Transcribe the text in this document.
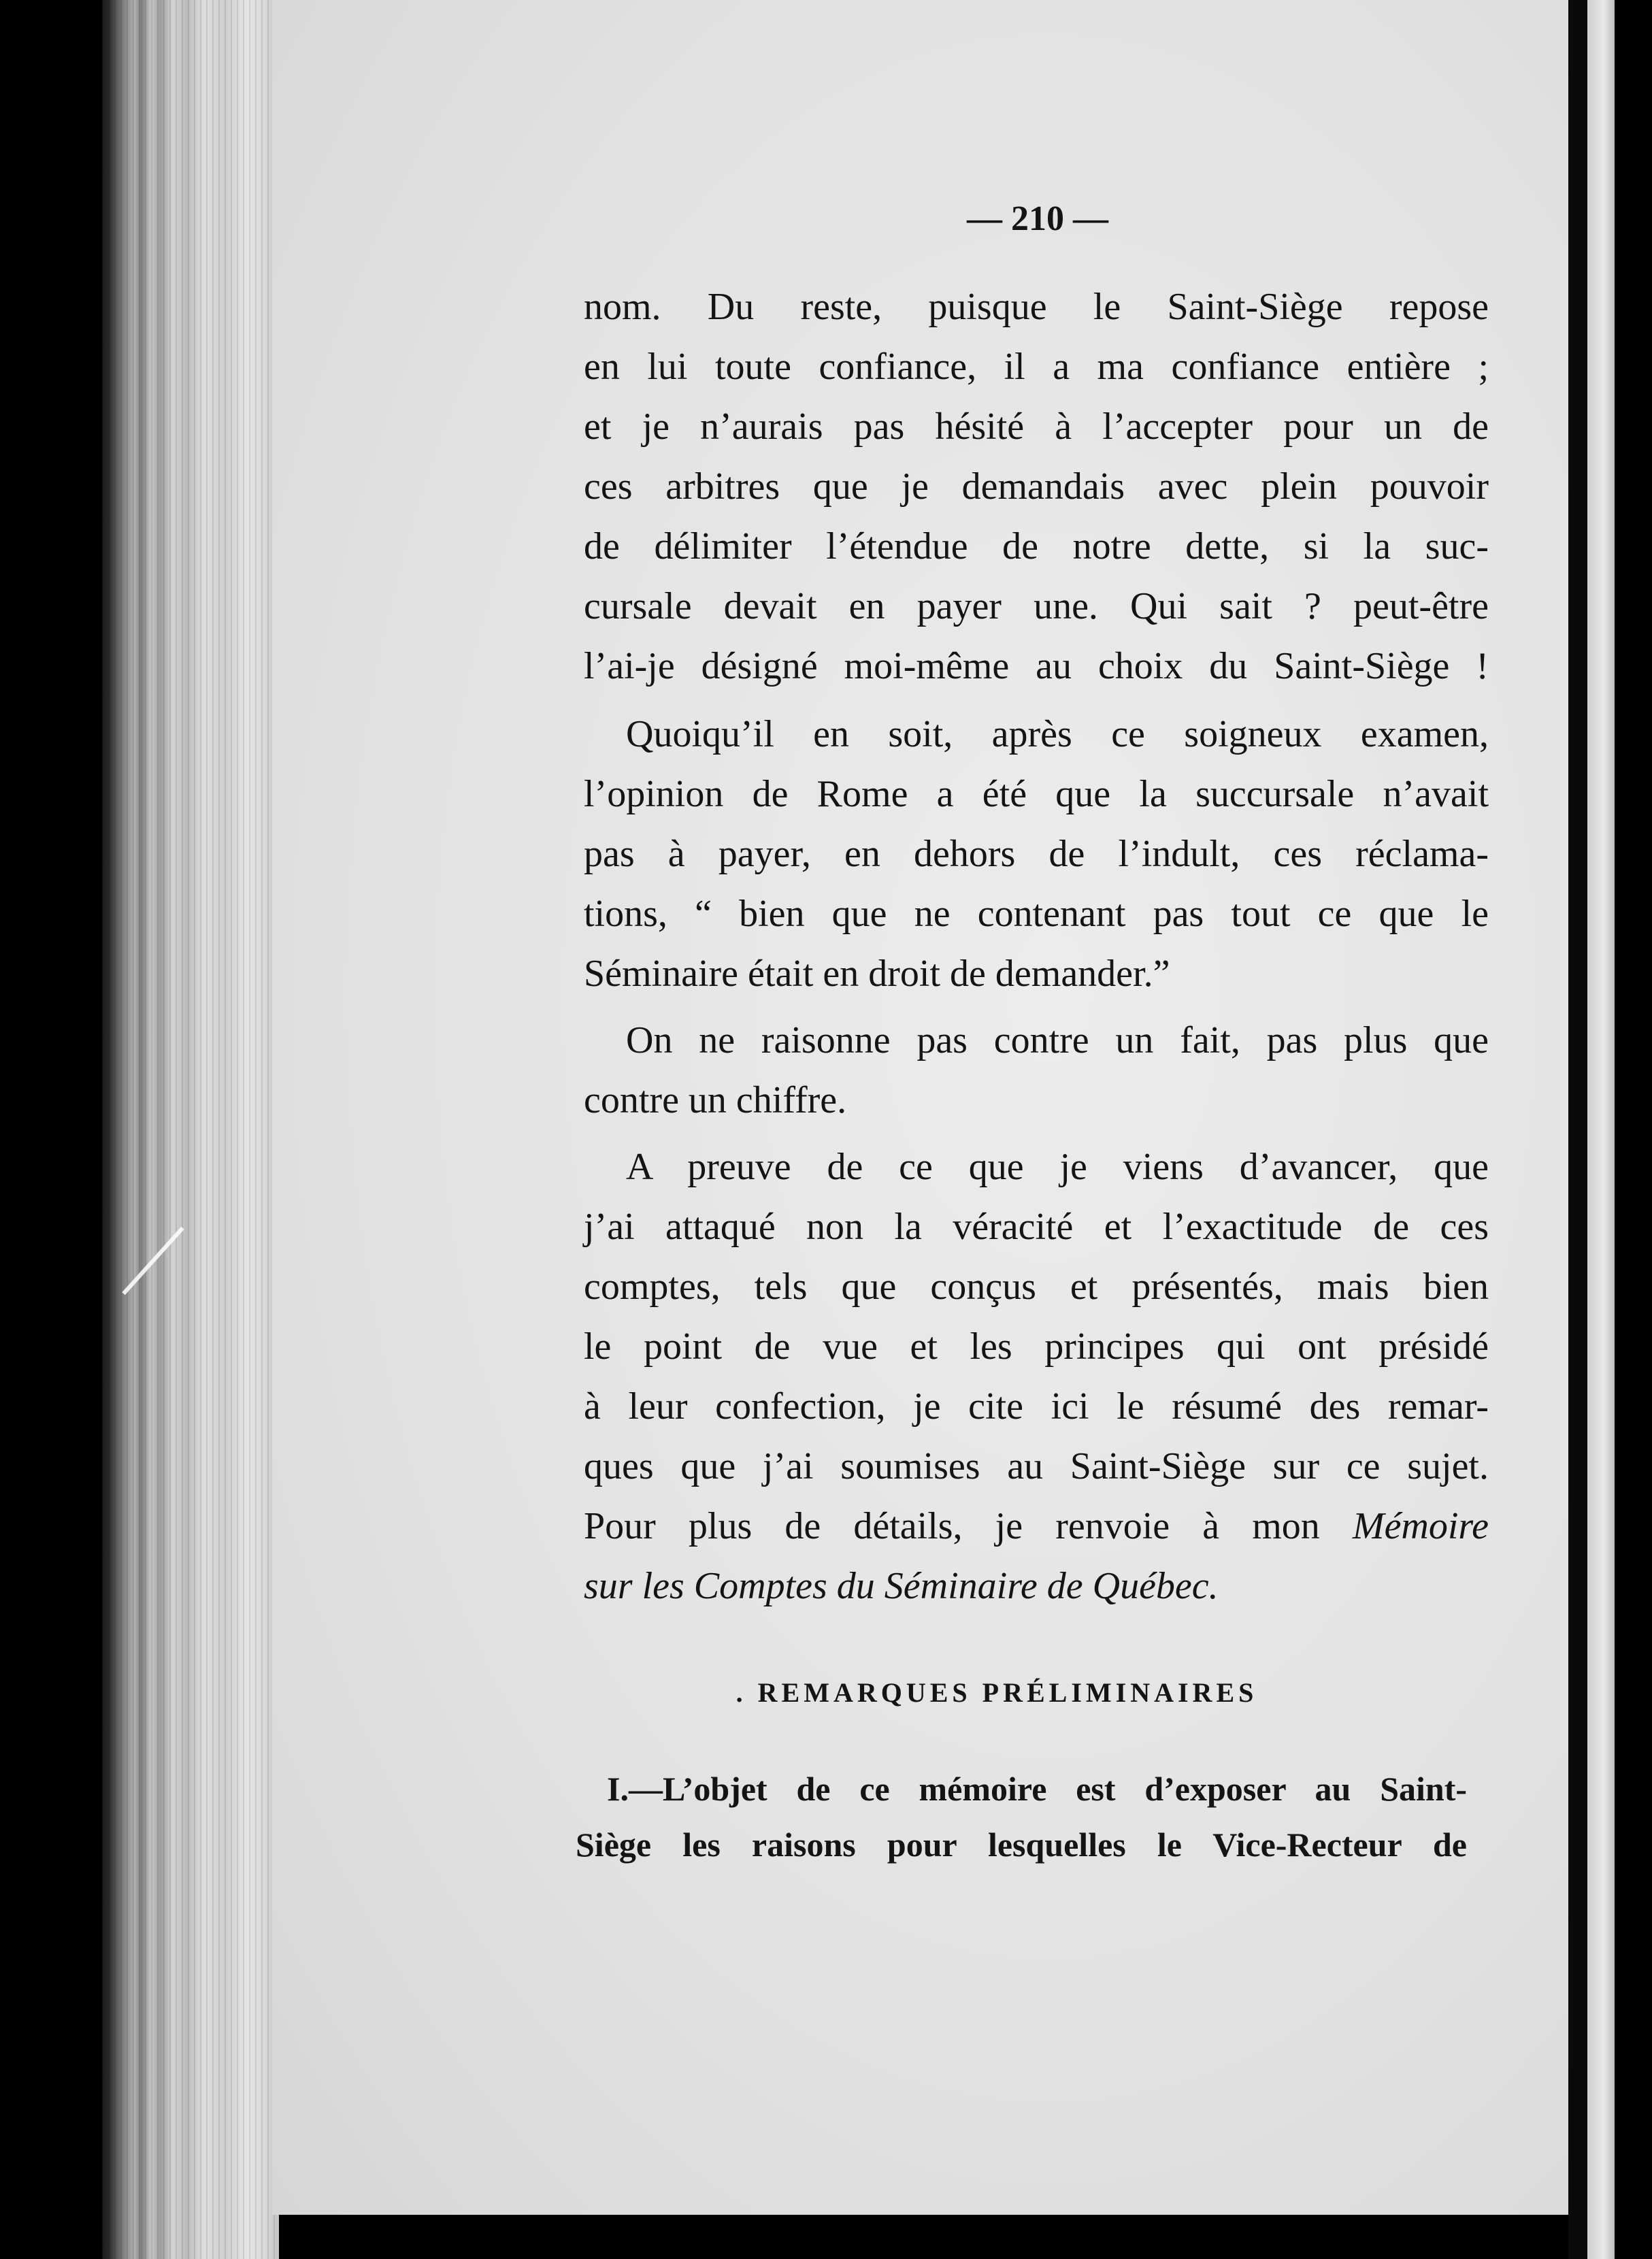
— 210 —
nom. Du reste, puisque le Saint-Siège repose
en lui toute confiance, il a ma confiance entière ;
et je n’aurais pas hésité à l’accepter pour un de
ces arbitres que je demandais avec plein pouvoir
de délimiter l’étendue de notre dette, si la suc-
cursale devait en payer une. Qui sait ? peut-être
l’ai-je désigné moi-même au choix du Saint-Siège !
Quoiqu’il en soit, après ce soigneux examen,
l’opinion de Rome a été que la succursale n’avait
pas à payer, en dehors de l’indult, ces réclama-
tions, “ bien que ne contenant pas tout ce que le
Séminaire était en droit de demander.”
On ne raisonne pas contre un fait, pas plus que
contre un chiffre.
A preuve de ce que je viens d’avancer, que
j’ai attaqué non la véracité et l’exactitude de ces
comptes, tels que conçus et présentés, mais bien
le point de vue et les principes qui ont présidé
à leur confection, je cite ici le résumé des remar-
ques que j’ai soumises au Saint-Siège sur ce sujet.
Pour plus de détails, je renvoie à mon Mémoire
sur les Comptes du Séminaire de Québec.
. REMARQUES PRÉLIMINAIRES
I.—L’objet de ce mémoire est d’exposer au Saint-
Siège les raisons pour lesquelles le Vice-Recteur de
